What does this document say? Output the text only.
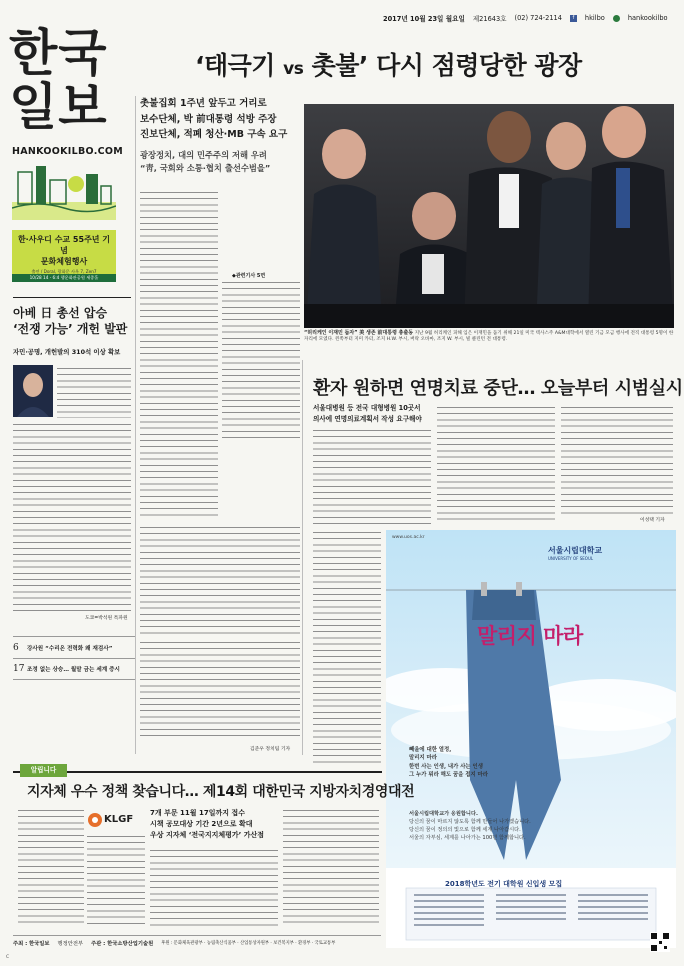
2017년 10월 23일 월요일 제21643호 (02) 724-2114	f	hkilbo	hankookilbo
한국
일보
HANKOOKILBO.COM
한·사우디 수교 55주년 기념
문화체험행사
출연 / Doral, 광화문 사옥 7, Zen7
10/28 14 - 6:4 행운화관공원 세종홀
‘태극기 vs 촛불’ 다시 점령당한 광장
촛불집회 1주년 앞두고 거리로
보수단체, 박 前대통령 석방 주장
진보단체, 적폐 청산·MB 구속 요구
광장정치, 대의 민주주의 저해 우려
“靑, 국회와 소통·협치 출선수범을”
◆관련기사 5면
김준우 정치팀 기자
“허리케인 이재민 돕자” 美 생존 前대통령 총출동 지난 9월 허리케인 피해 입은 이재민을 돕기 위해 21일 미국 텍사스주 A&M대학에서 열린 기금 모금 행사에 전직 대통령 5명이 한자리에 모였다. 왼쪽부터 지미 카터, 조지 H.W. 부시, 버락 오바마, 조지 W. 부시, 빌 클린턴 전 대통령.
아베 日 총선 압승
‘전쟁 가능’ 개헌 발판
자민·공명, 개헌발의 310석 이상 확보
도쿄=박석원 특파원
6	강사원 “수리온 전력화 왜 재검사”
17 조정 없는 상승… 월말 금는 세계 증시
환자 원하면 연명치료 중단… 오늘부터 시범실시
서울대병원 등 전국 대형병원 10곳서
의사에 연명의료계획서 작성 요구해야
이성택 기자
www.uos.ac.kr
서울시립대학교
UNIVERSITY OF SEOUL
말리지 마라
빼올에 대한 열정,
말리지 마라
한번 사는 인생, 내가 사는 인생
그 누가 뭐라 해도 꿈을 접지 마라
서울시립대학교가 응원합니다.
당신의 꿈이 마르지 않도록 함께 만들어 나가겠습니다.
당신의 꿈이 정의의 빛으로 함께 세계 나아갑시다.
서울의 자부심, 세계를 나아가는 100년 함께합니다.
2018학년도 전기 대학원 신입생 모집
알립니다
지자체 우수 정책 찾습니다… 제14회 대한민국 지방자치경영대전
KLGF
7개 부문 11월 17일까지 접수
시책 공모대상 기간 2년으로 확대
우상 지자체 ‘전국지지체평가’ 가산점
주최 : 한국일보 행정안전부 주관 : 한국소방산업기술원 후원 : 문화체육관광부 · 농림축산식품부 · 산업통상자원부 · 보건복지부 · 환경부 · 국토교통부
C
